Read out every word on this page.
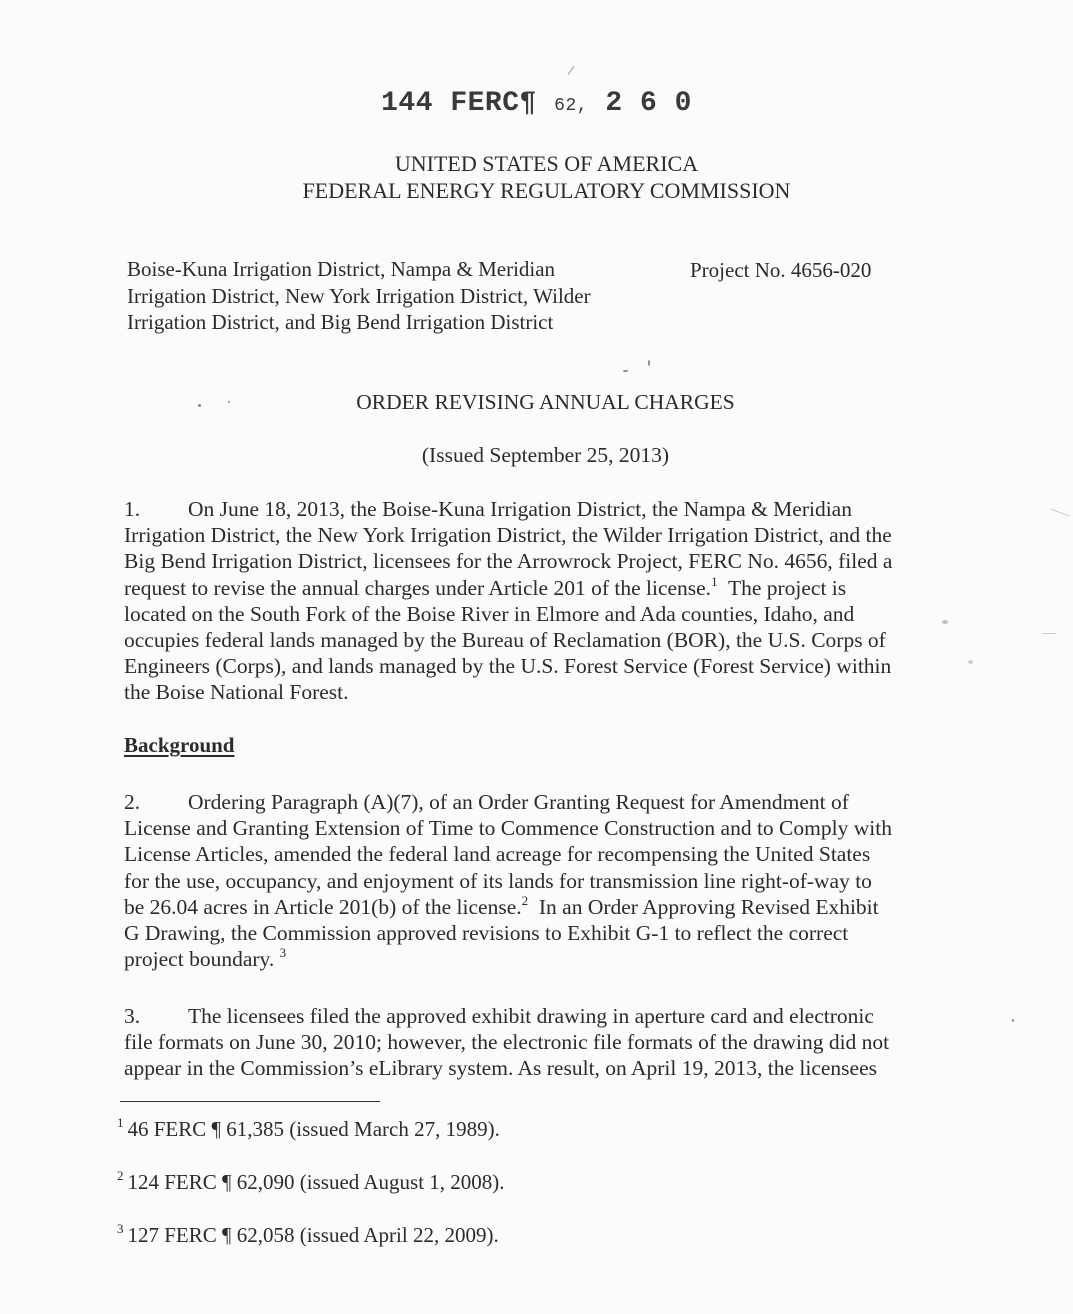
144 FERC¶ 62, 2 6 0
UNITED STATES OF AMERICA
FEDERAL ENERGY REGULATORY COMMISSION
Boise-Kuna Irrigation District, Nampa & Meridian
Irrigation District, New York Irrigation District, Wilder
Irrigation District, and Big Bend Irrigation District
Project No. 4656-020
ORDER REVISING ANNUAL CHARGES
(Issued September 25, 2013)
1. On June 18, 2013, the Boise-Kuna Irrigation District, the Nampa & Meridian
Irrigation District, the New York Irrigation District, the Wilder Irrigation District, and the
Big Bend Irrigation District, licensees for the Arrowrock Project, FERC No. 4656, filed a
request to revise the annual charges under Article 201 of the license.$^1$ The project is
located on the South Fork of the Boise River in Elmore and Ada counties, Idaho, and
occupies federal lands managed by the Bureau of Reclamation (BOR), the U.S. Corps of
Engineers (Corps), and lands managed by the U.S. Forest Service (Forest Service) within
the Boise National Forest.
Background
2. Ordering Paragraph (A)(7), of an Order Granting Request for Amendment of
License and Granting Extension of Time to Commence Construction and to Comply with
License Articles, amended the federal land acreage for recompensing the United States
for the use, occupancy, and enjoyment of its lands for transmission line right-of-way to
be 26.04 acres in Article 201(b) of the license.$^2$ In an Order Approving Revised Exhibit
G Drawing, the Commission approved revisions to Exhibit G-1 to reflect the correct
project boundary. $^3$
3. The licensees filed the approved exhibit drawing in aperture card and electronic
file formats on June 30, 2010; however, the electronic file formats of the drawing did not
appear in the Commission’s eLibrary system. As result, on April 19, 2013, the licensees
$^1$ 46 FERC ¶ 61,385 (issued March 27, 1989).
$^2$ 124 FERC ¶ 62,090 (issued August 1, 2008).
$^3$ 127 FERC ¶ 62,058 (issued April 22, 2009).
